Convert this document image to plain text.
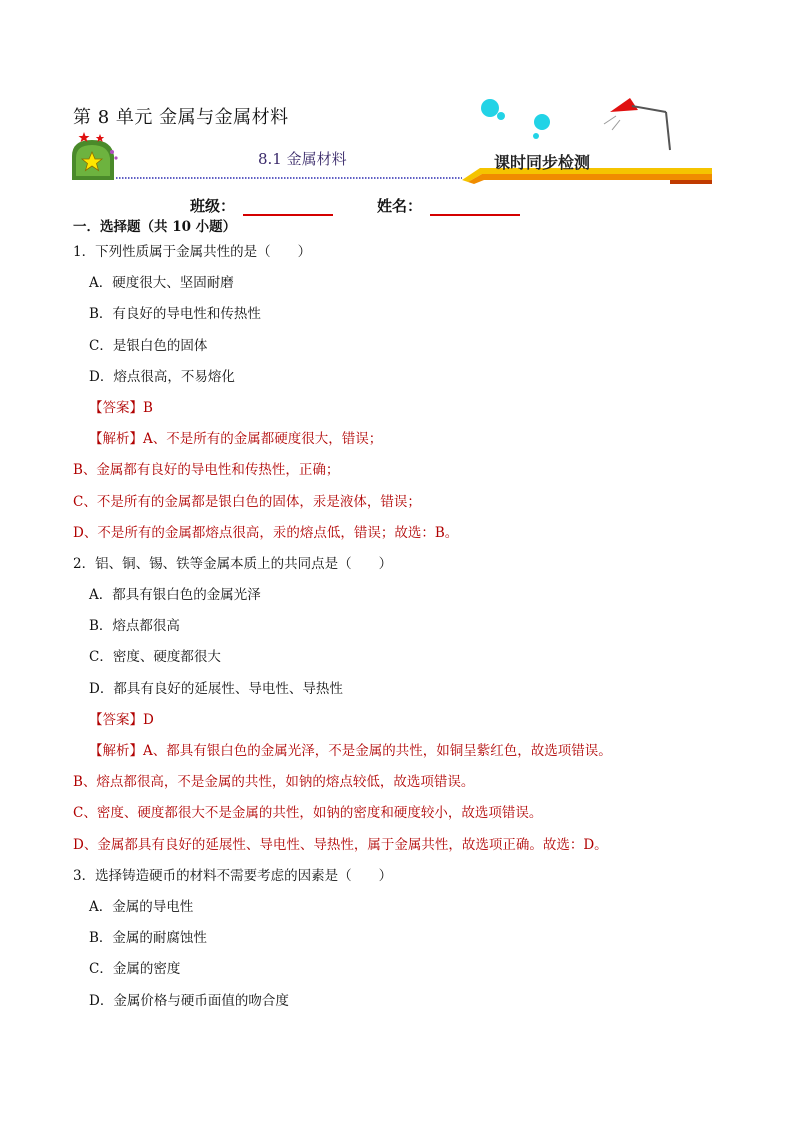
第 8 单元 金属与金属材料
8.1 金属材料	课时同步检测
班级：	姓名：
一．选择题（共 10 小题）
1．下列性质属于金属共性的是（　　）
A．硬度很大、坚固耐磨
B．有良好的导电性和传热性
C．是银白色的固体
D．熔点很高，不易熔化
【答案】B
【解析】A、不是所有的金属都硬度很大，错误；
B、金属都有良好的导电性和传热性，正确；
C、不是所有的金属都是银白色的固体，汞是液体，错误；
D、不是所有的金属都熔点很高，汞的熔点低，错误；故选：B。
2．铝、铜、锡、铁等金属本质上的共同点是（　　）
A．都具有银白色的金属光泽
B．熔点都很高
C．密度、硬度都很大
D．都具有良好的延展性、导电性、导热性
【答案】D
【解析】A、都具有银白色的金属光泽，不是金属的共性，如铜呈紫红色，故选项错误。
B、熔点都很高，不是金属的共性，如钠的熔点较低，故选项错误。
C、密度、硬度都很大不是金属的共性，如钠的密度和硬度较小，故选项错误。
D、金属都具有良好的延展性、导电性、导热性，属于金属共性，故选项正确。故选：D。
3．选择铸造硬币的材料不需要考虑的因素是（　　）
A．金属的导电性
B．金属的耐腐蚀性
C．金属的密度
D．金属价格与硬币面值的吻合度
